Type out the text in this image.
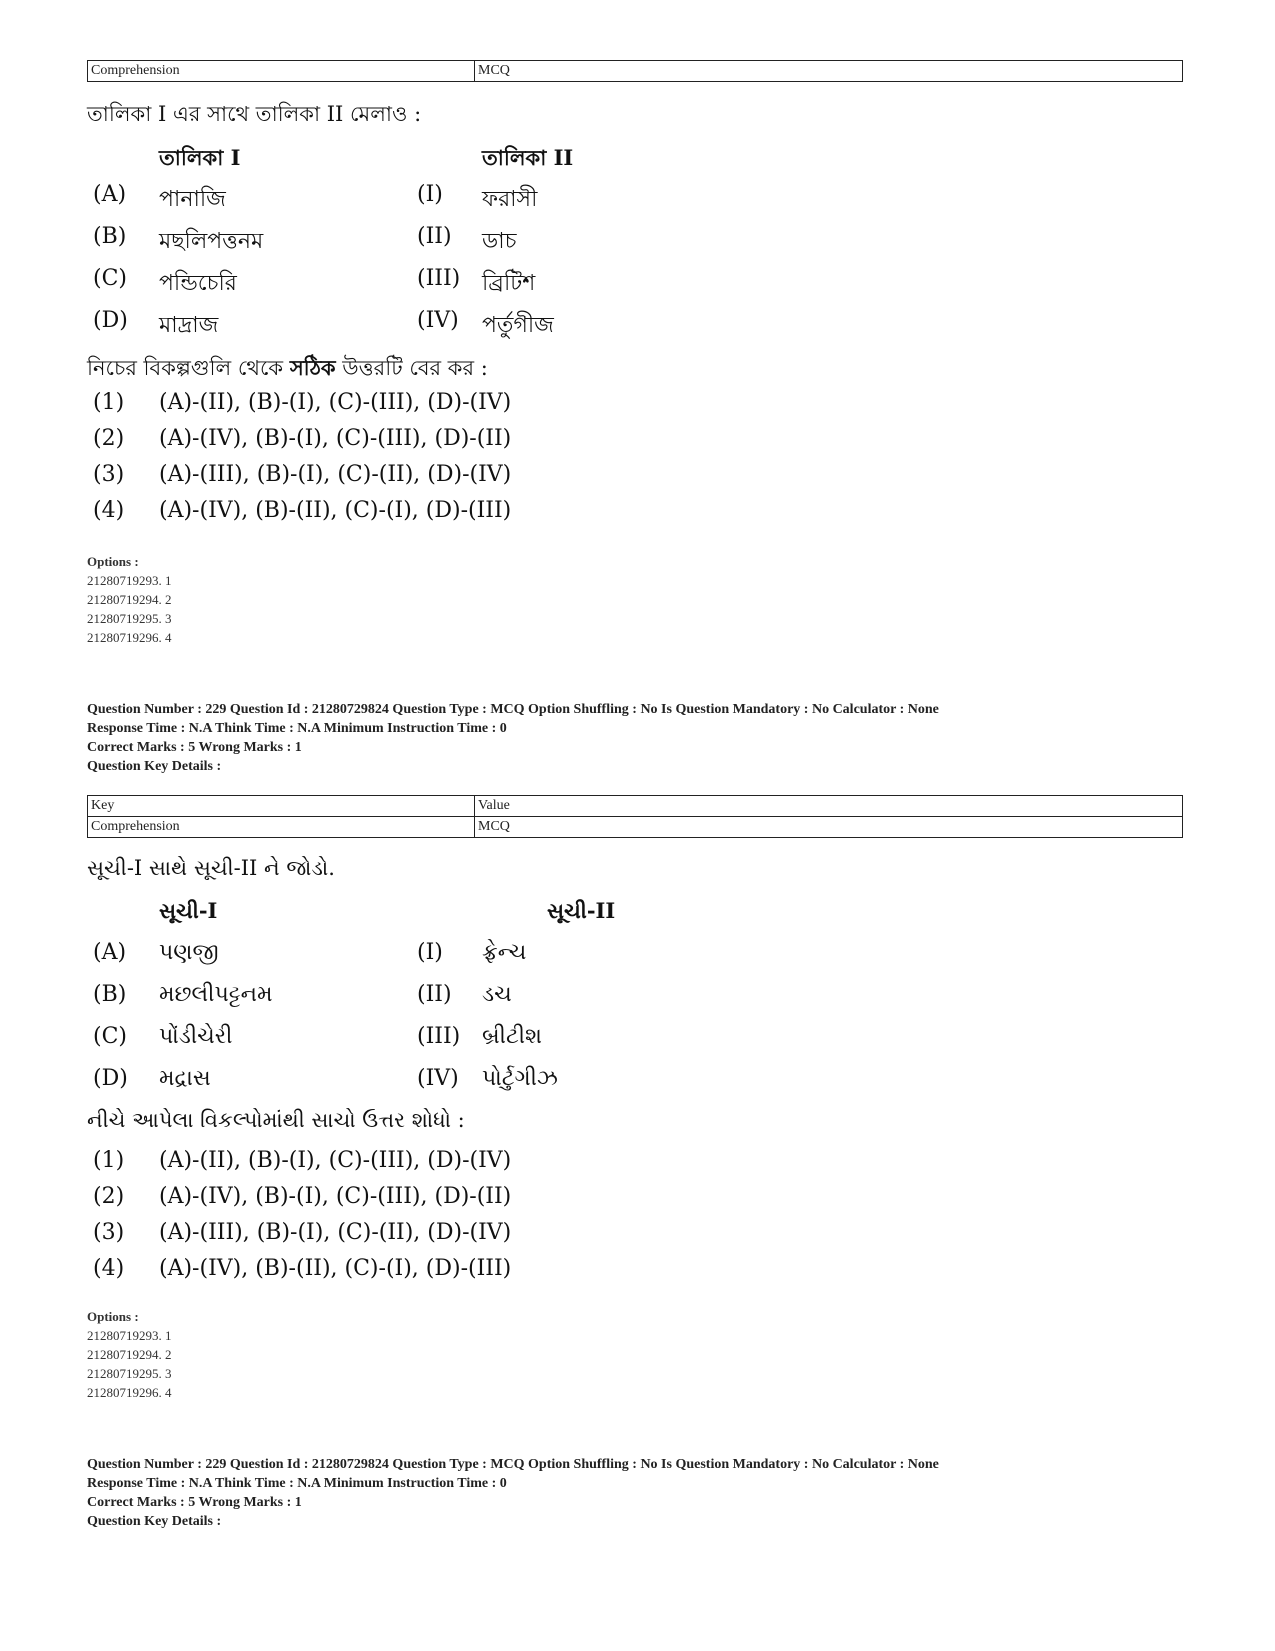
Comprehension	MCQ
তালিকা I এর সাথে তালিকা II মেলাও :
তালিকা I	তালিকা II
(A) পানাজি	(I) ফরাসী
(B) মছলিপত্তনম	(II) ডাচ
(C) পন্ডিচেরি	(III) ব্রিটিশ
(D) মাদ্রাজ	(IV) পর্তুগীজ
নিচের বিকল্পগুলি থেকে সঠিক উত্তরটি বের কর :
(1) (A)-(II), (B)-(I), (C)-(III), (D)-(IV)
(2) (A)-(IV), (B)-(I), (C)-(III), (D)-(II)
(3) (A)-(III), (B)-(I), (C)-(II), (D)-(IV)
(4) (A)-(IV), (B)-(II), (C)-(I), (D)-(III)
Options :
21280719293. 1
21280719294. 2
21280719295. 3
21280719296. 4
Question Number : 229 Question Id : 21280729824 Question Type : MCQ Option Shuffling : No Is Question Mandatory : No Calculator : None
Response Time : N.A Think Time : N.A Minimum Instruction Time : 0
Correct Marks : 5 Wrong Marks : 1
Question Key Details :
Key	Value
Comprehension	MCQ
સૂચી-I સાથે સૂચી-II ને જોડો.
સૂચી-I	સૂચી-II
(A) પણજી	(I) ફ્રેન્ચ
(B) મછલીપટ્ટનમ	(II) ડચ
(C) પોંડીચેરી	(III) બ્રીટીશ
(D) મદ્રાસ	(IV) પોર્ટુગીઝ
નીચે આપેલા વિકલ્પોમાંથી સાચો ઉત્તર શોધો :
(1) (A)-(II), (B)-(I), (C)-(III), (D)-(IV)
(2) (A)-(IV), (B)-(I), (C)-(III), (D)-(II)
(3) (A)-(III), (B)-(I), (C)-(II), (D)-(IV)
(4) (A)-(IV), (B)-(II), (C)-(I), (D)-(III)
Options :
21280719293. 1
21280719294. 2
21280719295. 3
21280719296. 4
Question Number : 229 Question Id : 21280729824 Question Type : MCQ Option Shuffling : No Is Question Mandatory : No Calculator : None
Response Time : N.A Think Time : N.A Minimum Instruction Time : 0
Correct Marks : 5 Wrong Marks : 1
Question Key Details :
